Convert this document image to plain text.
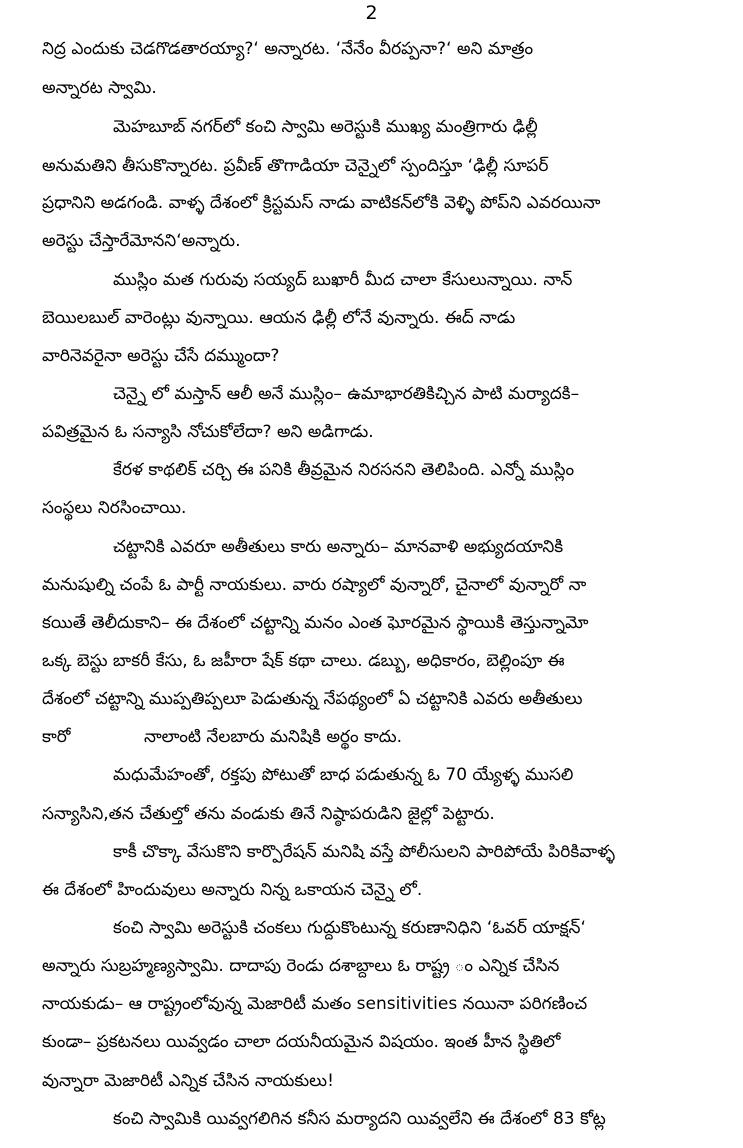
2
నిద్ర ఎందుకు చెడగొడతారయ్యా?‘ అన్నారట. ‘నేనేం వీరప్పనా?‘ అని మాత్రం
అన్నారట స్వామి.
మెహబూబ్ నగర్‌లో కంచి స్వామి అరెస్టుకి ముఖ్య మంత్రిగారు ఢిల్లీ
అనుమతిని తీసుకొన్నారట. ప్రవీణ్ తొగాడియా చెన్నైలో స్పందిస్తూ ‘ఢిల్లీ సూపర్
ప్రధానిని అడగండి. వాళ్ళ దేశంలో క్రిస్టమస్ నాడు వాటికన్‌లోకి వెళ్ళి పోప్‌ని ఎవరయినా
అరెస్టు చేస్తారేమోనని‘అన్నారు.
ముస్లిం మత గురువు సయ్యద్ బుఖారీ మీద చాలా కేసులున్నాయి. నాన్
బెయిలబుల్ వారెంట్లు వున్నాయి. ఆయన ఢిల్లీ లోనే వున్నారు. ఈద్ నాడు
వారినెవరైనా అరెస్టు చేసే దమ్ముందా?
చెన్నై లో మస్తాన్ ఆలీ అనే ముస్లిం– ఉమాభారతికిచ్చిన పాటి మర్యాదకి–
పవిత్రమైన ఓ సన్యాసి నోచుకోలేదా? అని అడిగాడు.
కేరళ కాథలిక్ చర్చి ఈ పనికి తీవ్రమైన నిరసనని తెలిపింది. ఎన్నో ముస్లిం
సంస్థలు నిరసించాయి.
చట్టానికి ఎవరూ అతీతులు కారు అన్నారు– మానవాళి అభ్యుదయానికి
మనుషుల్ని చంపే ఓ పార్టీ నాయకులు. వారు రష్యాలో వున్నారో, చైనాలో వున్నారో నా
కయితే తెలీదుకాని– ఈ దేశంలో చట్టాన్ని మనం ఎంత ఘోరమైన స్థాయికి తెస్తున్నామో
ఒక్క బెస్టు బాకరీ కేసు, ఓ జహీరా షేక్ కథా చాలు. డబ్బు, అధికారం, బెల్లింపూ ఈ
దేశంలో చట్టాన్ని ముప్పతిప్పలూ పెడుతున్న నేపథ్యంలో ఏ చట్టానికి ఎవరు అతీతులు
కారో	నాలాంటి నేలబారు మనిషికి అర్థం కాదు.
మధుమేహంతో, రక్తపు పోటుతో బాధ పడుతున్న ఓ 70 య్యేళ్ళ ముసలి
సన్యాసిని,తన చేతుల్తో తను వండుకు తినే నిష్ఠాపరుడిని జైల్లో పెట్టారు.
కాకీ చొక్కా వేసుకొని కార్పొరేషన్ మనిషి వస్తే పోలీసులని పారిపోయే పిరికివాళ్ళ
ఈ దేశంలో హిందువులు అన్నారు నిన్న ఒకాయన చెన్నై లో.
కంచి స్వామి అరెస్టుకి చంకలు గుద్దుకొంటున్న కరుణానిధిని ‘ఓవర్ యాక్షన్‘
అన్నారు సుబ్రహ్మణ్యస్వామి. దాదాపు రెండు దశాబ్దాలు ఓ రాష్ట్ర ం ఎన్నిక చేసిన
నాయకుడు– ఆ రాష్ట్రంలోవున్న మెజారిటీ మతం sensitivities నయినా పరిగణించ
కుండా– ప్రకటనలు యివ్వడం చాలా దయనీయమైన విషయం. ఇంత హీన స్థితిలో
వున్నారా మెజారిటీ ఎన్నిక చేసిన నాయకులు!
కంచి స్వామికి యివ్వగలిగిన కనీస మర్యాదని యివ్వలేని ఈ దేశంలో 83 కోట్ల
